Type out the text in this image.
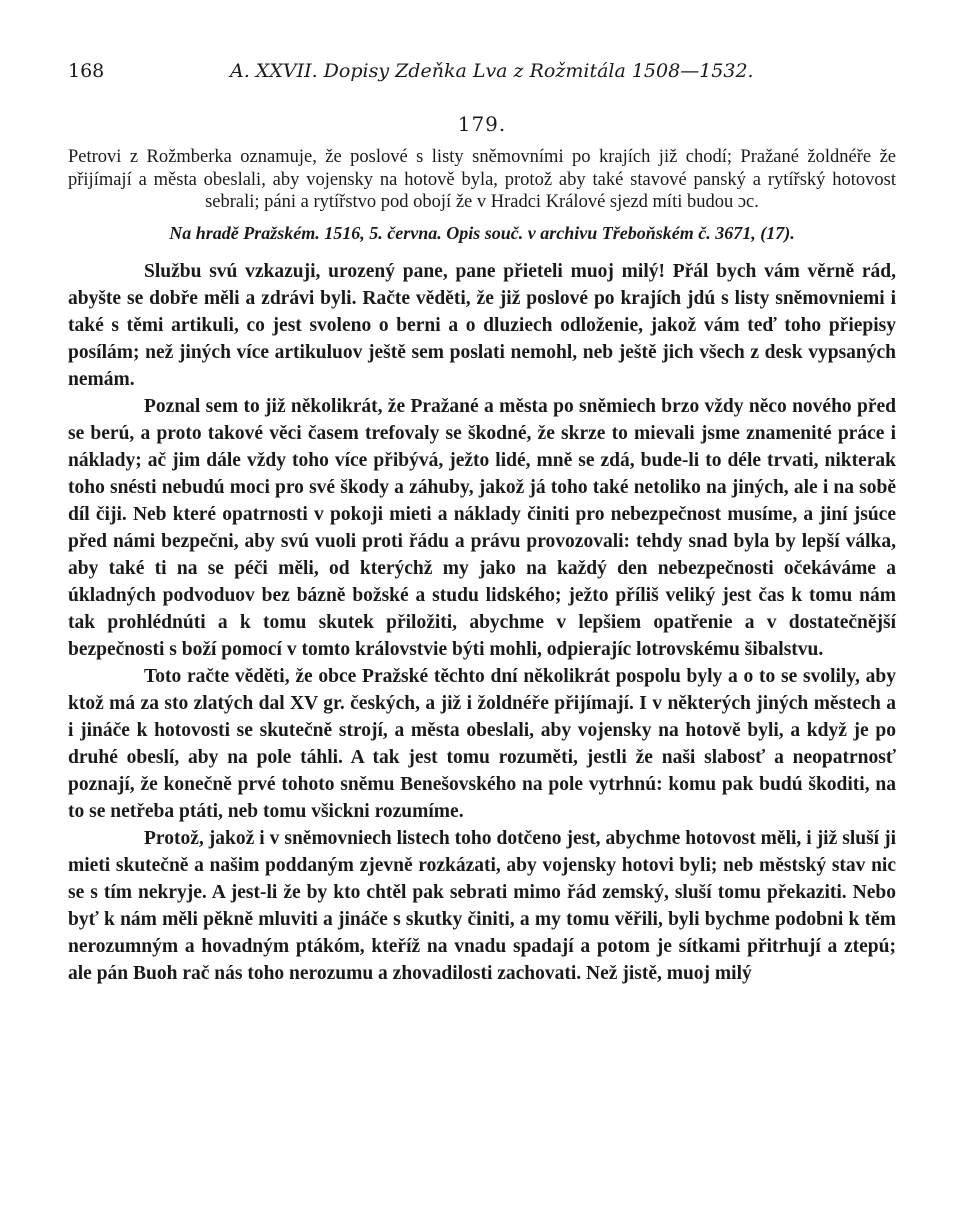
168	A. XXVII. Dopisy Zdeňka Lva z Rožmitála 1508—1532.
179.
Petrovi z Rožmberka oznamuje, že poslové s listy sněmovními po krajích již chodí; Pražané žoldnéře že přijímají a města obeslali, aby vojensky na hotově byla, protož aby také stavové panský a rytířský hotovost sebrali; páni a rytířstvo pod obojí že v Hradci Králové sjezd míti budou ɔc.
Na hradě Pražském. 1516, 5. června. Opis souč. v archivu Třeboňském č. 3671, (17).

Službu svú vzkazuji, urozený pane, pane přieteli muoj milý! Přál bych vám věrně rád, abyšte se dobře měli a zdrávi byli. Račte věděti, že již poslové po krajích jdú s listy sněmovniemi i také s těmi artikuli, co jest svoleno o berni a o dluziech odloženie, jakož vám teď toho přiepisy posílám; než jiných více artikuluov ještě sem poslati nemohl, neb ještě jich všech z desk vypsaných nemám.

Poznal sem to již několikrát, že Pražané a města po sněmiech brzo vždy něco nového před se berú, a proto takové věci časem trefovaly se škodné, že skrze to mievali jsme znamenité práce i náklady; ač jim dále vždy toho více přibývá, ježto lidé, mně se zdá, bude-li to déle trvati, nikterak toho snésti nebudú moci pro své škody a záhuby, jakož já toho také netoliko na jiných, ale i na sobě díl čiji. Neb které opatrnosti v pokoji mieti a náklady činiti pro nebezpečnost musíme, a jiní jsúce před námi bezpečni, aby svú vuoli proti řádu a právu provozovali: tehdy snad byla by lepší válka, aby také ti na se péči měli, od kterýchž my jako na každý den nebezpečnosti očekáváme a úkladných podvoduov bez bázně božské a studu lidského; ježto příliš veliký jest čas k tomu nám tak prohlédnúti a k tomu skutek přiložiti, abychme v lepšiem opatřenie a v dostatečnější bezpečnosti s boží pomocí v tomto královstvie býti mohli, odpierajíc lotrovskému šibalstvu.

Toto račte věděti, že obce Pražské těchto dní několikrát pospolu byly a o to se svolily, aby ktož má za sto zlatých dal XV gr. českých, a již i žoldnéře přijímají. I v některých jiných městech a i jináče k hotovosti se skutečně strojí, a města obeslali, aby vojensky na hotově byli, a když je po druhé obeslí, aby na pole táhli. A tak jest tomu rozuměti, jestli že naši slabosť a neopatrnosť poznají, že konečně prvé tohoto sněmu Benešovského na pole vytrhnú: komu pak budú škoditi, na to se netřeba ptáti, neb tomu všickni rozumíme.

Protož, jakož i v sněmovniech listech toho dotčeno jest, abychme hotovost měli, i již sluší ji mieti skutečně a našim poddaným zjevně rozkázati, aby vojensky hotovi byli; neb městský stav nic se s tím nekryje. A jest-li že by kto chtěl pak sebrati mimo řád zemský, sluší tomu překaziti. Nebo byť k nám měli pěkně mluviti a jináče s skutky činiti, a my tomu věřili, byli bychme podobni k těm nerozumným a hovadným ptákóm, kteříž na vnadu spadají a potom je sítkami přitrhují a ztepú; ale pán Buoh rač nás toho nerozumu a zhovadilosti zachovati. Než jistě, muoj milý
